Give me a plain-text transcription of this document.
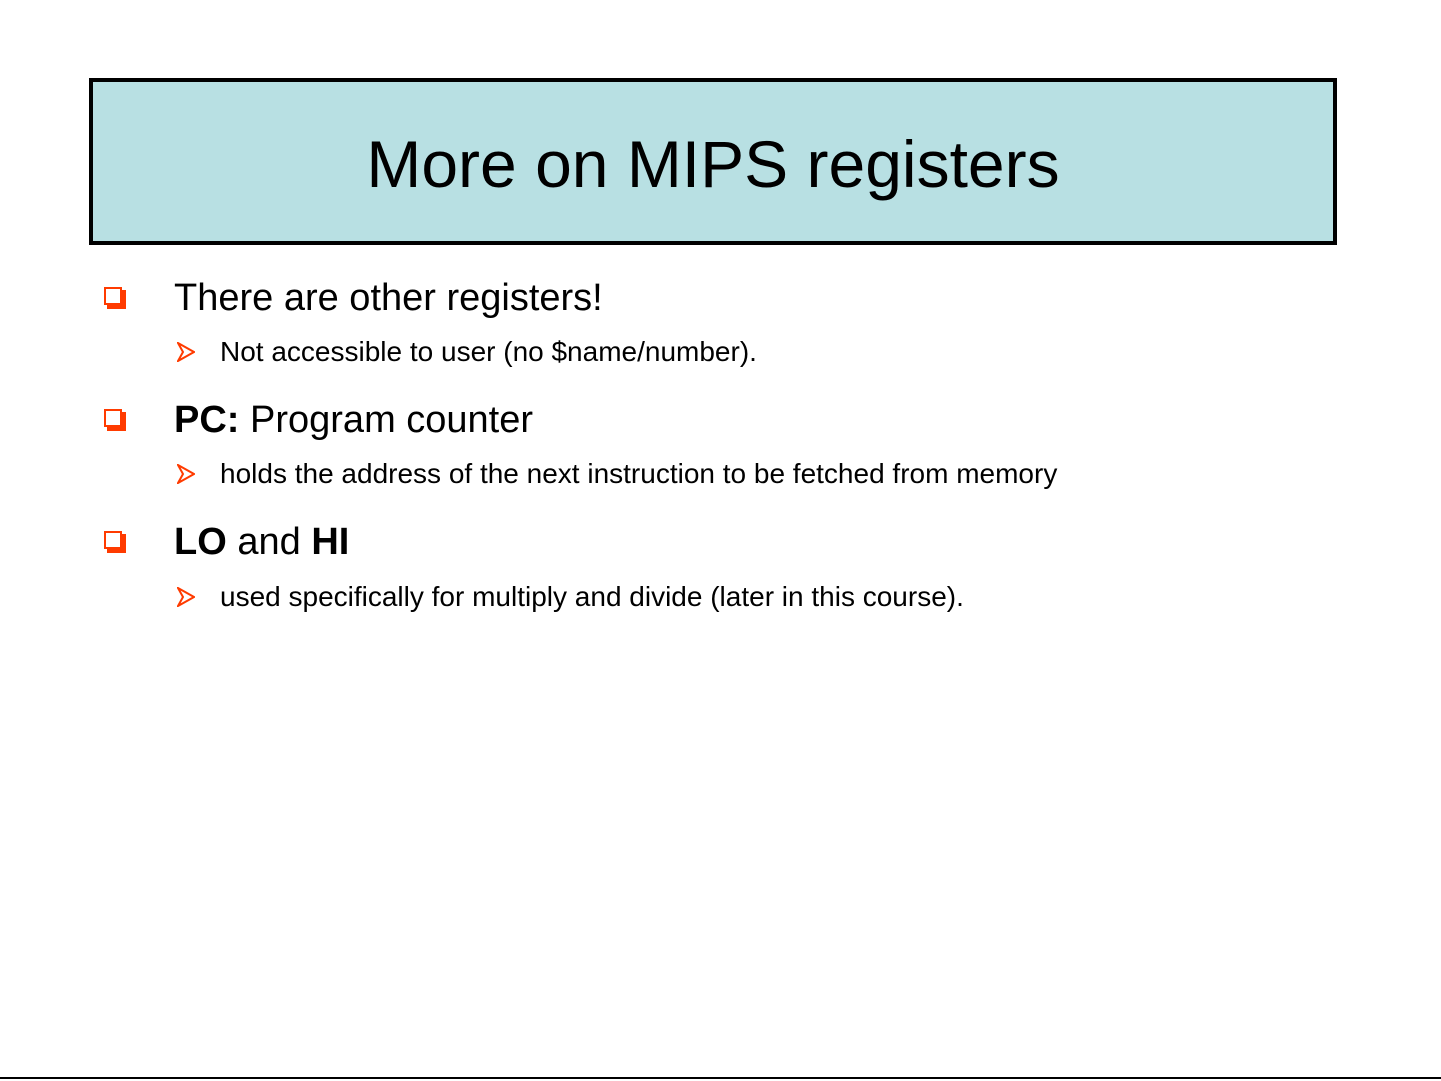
More on MIPS registers
There are other registers!
Not accessible to user (no $name/number).
PC: Program counter
holds the address of the next instruction to be fetched from memory
LO and HI
used specifically for multiply and divide (later in this course).
